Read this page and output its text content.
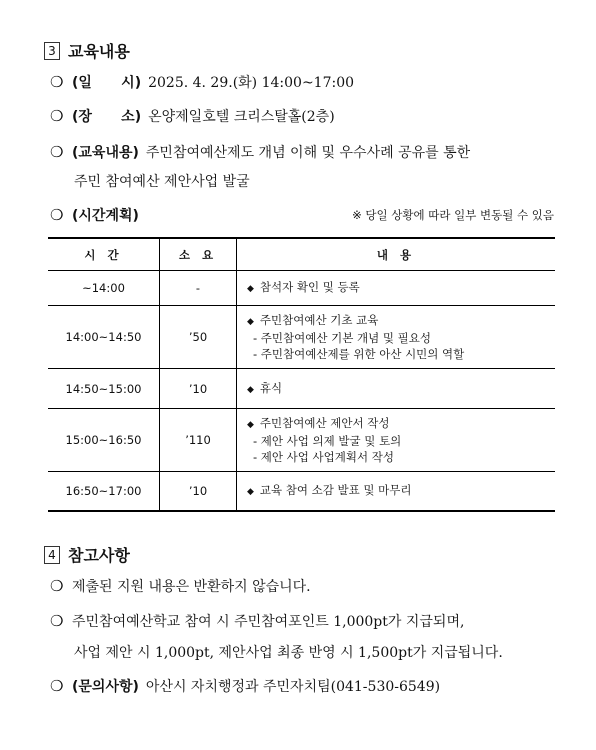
3 교육내용
❍ (일      시) 2025. 4. 29.(화) 14:00~17:00
❍ (장      소) 온양제일호텔 크리스탈홀(2층)
❍ (교육내용) 주민참여예산제도 개념 이해 및 우수사례 공유를 통한
주민 참여예산 제안사업 발굴
❍ (시간계획)	※ 당일 상황에 따라 일부 변동될 수 있음
시 간	소 요	내 용
~14:00	-	◆ 참석자 확인 및 등록
14:00~14:50	’50	◆ 주민참여예산 기초 교육
- 주민참여예산 기본 개념 및 필요성
- 주민참여예산제를 위한 아산 시민의 역할

14:50~15:00	’10	◆ 휴식
15:00~16:50	’110	◆ 주민참여예산 제안서 작성
- 제안 사업 의제 발굴 및 토의
- 제안 사업 사업계획서 작성

16:50~17:00	’10	◆ 교육 참여 소감 발표 및 마무리
4 참고사항
❍ 제출된 지원 내용은 반환하지 않습니다.
❍ 주민참여예산학교 참여 시 주민참여포인트 1,000pt가 지급되며,
사업 제안 시 1,000pt, 제안사업 최종 반영 시 1,500pt가 지급됩니다.
❍ (문의사항) 아산시 자치행정과 주민자치팀(041-530-6549)
